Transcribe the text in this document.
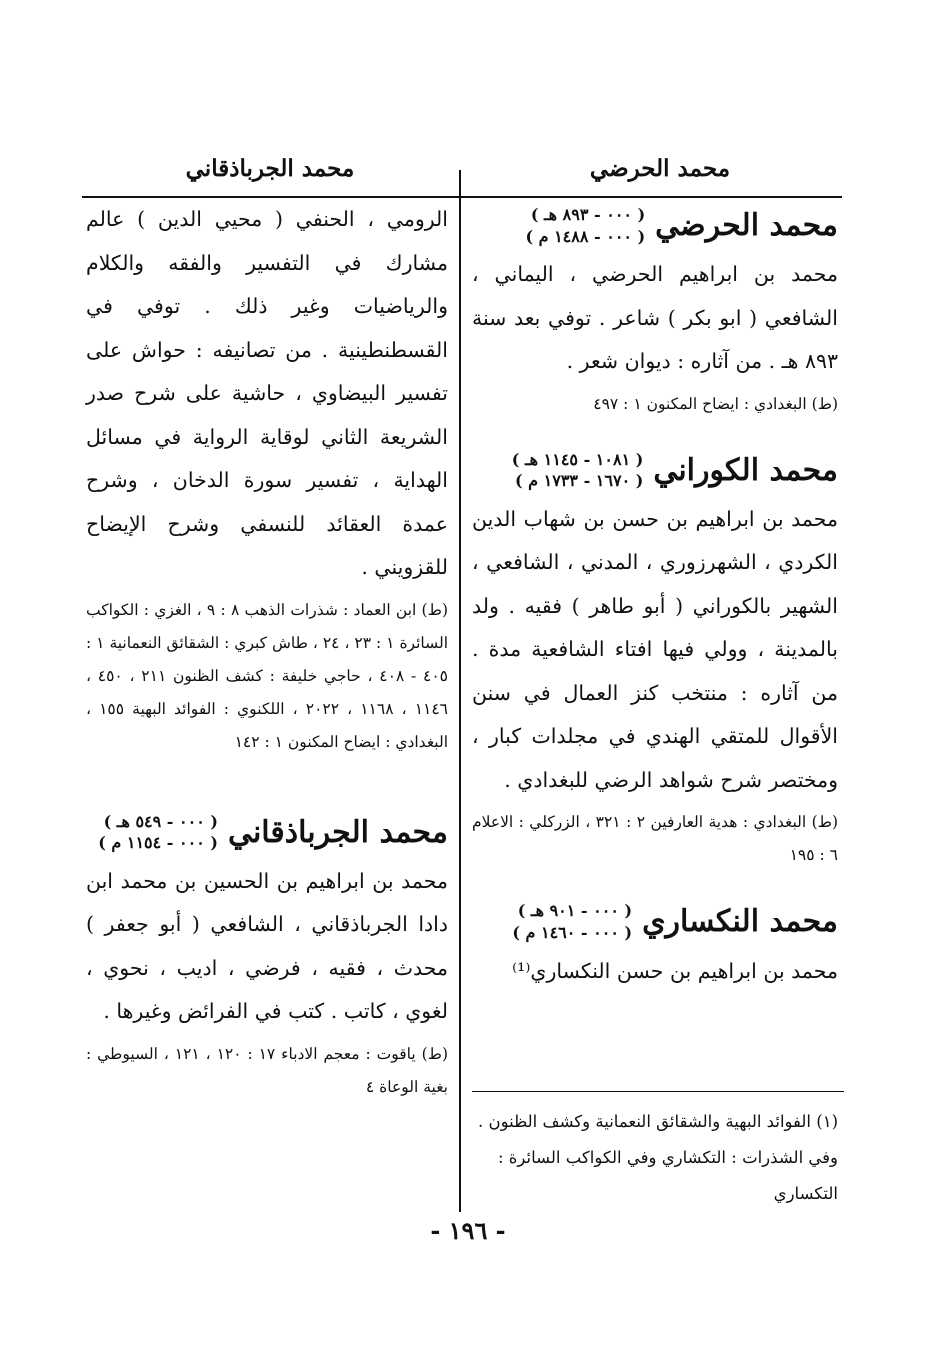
محمد الحرضي
محمد الجرباذقاني
محمد الحرضي
( ٠٠٠ - ٨٩٣ هـ )
( ٠٠٠ - ١٤٨٨ م )

محمد بن ابراهيم الحرضي ، اليماني ، الشافعي ( ابو بكر ) شاعر . توفي بعد سنة ٨٩٣ هـ . من آثاره : ديوان شعر .

(ط) البغدادي : ايضاح المكنون ١ : ٤٩٧

محمد الكوراني
( ١٠٨١ - ١١٤٥ هـ )
( ١٦٧٠ - ١٧٣٣ م )

محمد بن ابراهيم بن حسن بن شهاب الدين الكردي ، الشهرزوري ، المدني ، الشافعي ، الشهير بالكوراني ( أبو طاهر ) فقيه . ولد بالمدينة ، وولي فيها افتاء الشافعية مدة . من آثاره : منتخب كنز العمال في سنن الأقوال للمتقي الهندي في مجلدات كبار ، ومختصر شرح شواهد الرضي للبغدادي .

(ط) البغدادي : هدية العارفين ٢ : ٣٢١ ، الزركلي : الاعلام ٦ : ١٩٥

محمد النكساري
( ٠٠٠ - ٩٠١ هـ )
( ٠٠٠ - ١٤٦٠ م )

محمد بن ابراهيم بن حسن النكساري⁽¹⁾

(١) الفوائد البهية والشقائق النعمانية وكشف الظنون . وفي الشذرات : التكشاري وفي الكواكب السائرة : التكساري

الرومي ، الحنفي ( محيي الدين ) عالم مشارك في التفسير والفقه والكلام والرياضيات وغير ذلك . توفي في القسطنطينية . من تصانيفه : حواش على تفسير البيضاوي ، حاشية على شرح صدر الشريعة الثاني لوقاية الرواية في مسائل الهداية ، تفسير سورة الدخان ، وشرح عمدة العقائد للنسفي وشرح الإيضاح للقزويني .

(ط) ابن العماد : شذرات الذهب ٨ : ٩ ، الغزي : الكواكب السائرة ١ : ٢٣ ، ٢٤ ، طاش كبري : الشقائق النعمانية ١ : ٤٠٥ - ٤٠٨ ، حاجي خليفة : كشف الظنون ٢١١ ، ٤٥٠ ، ١١٤٦ ، ١١٦٨ ، ٢٠٢٢ ، اللكنوي : الفوائد البهية ١٥٥ ، البغدادي : ايضاح المكنون ١ : ١٤٢

محمد الجرباذقاني
( ٠٠٠ - ٥٤٩ هـ )
( ٠٠٠ - ١١٥٤ م )

محمد بن ابراهيم بن الحسين بن محمد ابن دادا الجرباذقاني ، الشافعي ( أبو جعفر ) محدث ، فقيه ، فرضي ، اديب ، نحوي ، لغوي ، كاتب . كتب في الفرائض وغيرها .

(ط) ياقوت : معجم الادباء ١٧ : ١٢٠ ، ١٢١ ، السيوطي : بغية الوعاة ٤

- ١٩٦ -
